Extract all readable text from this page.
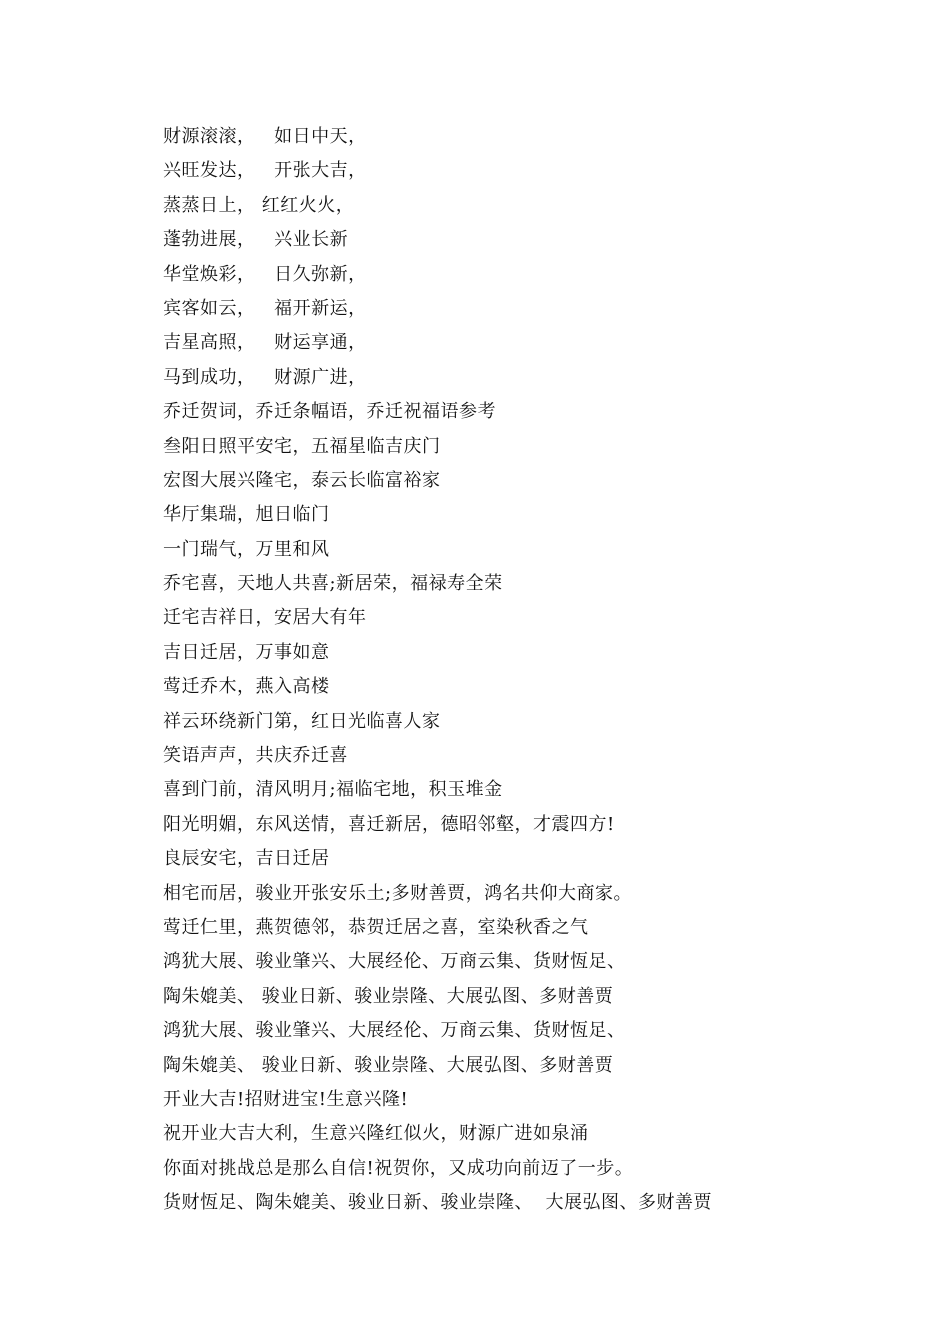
财源滚滚，   如日中天，
兴旺发达，   开张大吉，
蒸蒸日上， 红红火火，
蓬勃进展，   兴业长新
华堂焕彩，   日久弥新，
宾客如云，   福开新运，
吉星高照，   财运享通，
马到成功，   财源广进，
乔迁贺词，乔迁条幅语，乔迁祝福语参考
叁阳日照平安宅，五福星临吉庆门
宏图大展兴隆宅，泰云长临富裕家
华厅集瑞，旭日临门
一门瑞气，万里和风
乔宅喜，天地人共喜;新居荣，福禄寿全荣
迁宅吉祥日，安居大有年
吉日迁居，万事如意
莺迁乔木，燕入高楼
祥云环绕新门第，红日光临喜人家
笑语声声，共庆乔迁喜
喜到门前，清风明月;福临宅地，积玉堆金
阳光明媚，东风送情，喜迁新居，德昭邻壑，才震四方!
良辰安宅，吉日迁居
相宅而居，骏业开张安乐土;多财善贾，鸿名共仰大商家。
莺迁仁里，燕贺德邻，恭贺迁居之喜，室染秋香之气
鸿犹大展、骏业肇兴、大展经伦、万商云集、货财恆足、
陶朱媲美、 骏业日新、骏业崇隆、大展弘图、多财善贾
鸿犹大展、骏业肇兴、大展经伦、万商云集、货财恆足、
陶朱媲美、 骏业日新、骏业崇隆、大展弘图、多财善贾
开业大吉!招财进宝!生意兴隆!
祝开业大吉大利，生意兴隆红似火，财源广进如泉涌
你面对挑战总是那么自信!祝贺你，又成功向前迈了一步。
货财恆足、陶朱媲美、骏业日新、骏业崇隆、  大展弘图、多财善贾
